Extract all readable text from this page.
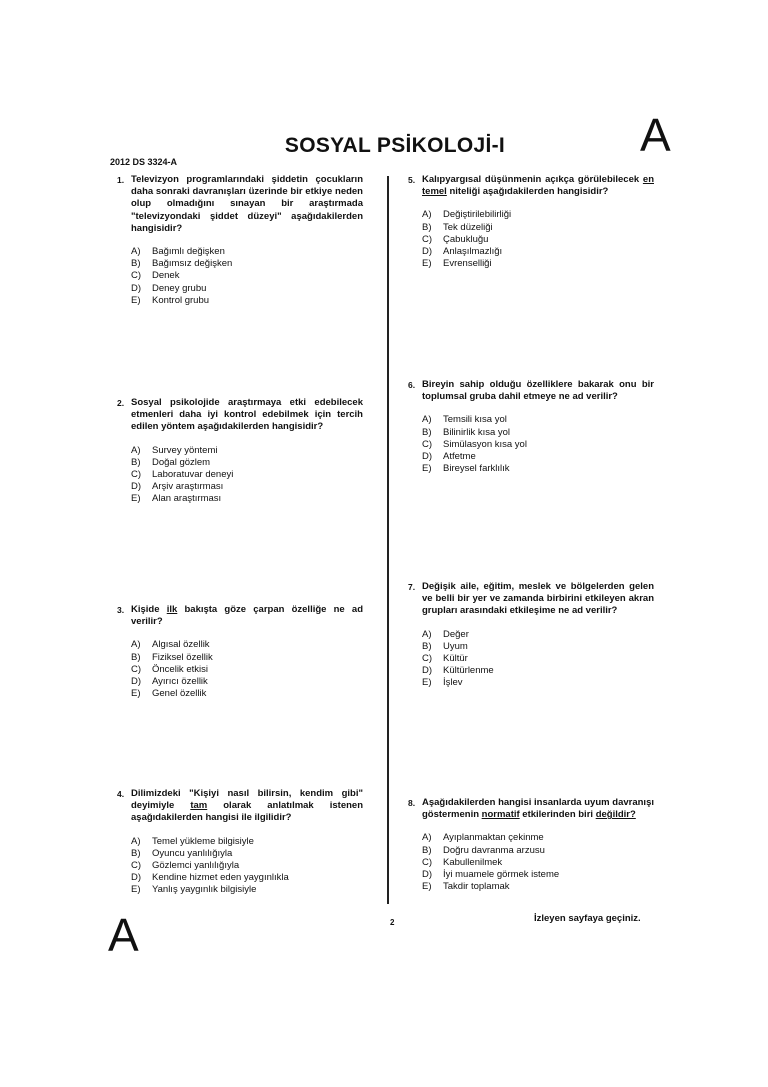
SOSYAL PSİKOLOJİ-I	A
2012 DS 3324-A
1. Televizyon programlarındaki şiddetin çocukların daha sonraki davranışları üzerinde bir etkiye neden olup olmadığını sınayan bir araştırmada "televizyondaki şiddet düzeyi" aşağıdakilerden hangisidir?

A)	Bağımlı değişken
B)	Bağımsız değişken
C)	Denek
D)	Deney grubu
E)	Kontrol grubu
2. Sosyal psikolojide araştırmaya etki edebilecek etmenleri daha iyi kontrol edebilmek için tercih edilen yöntem aşağıdakilerden hangisidir?

A)	Survey yöntemi
B)	Doğal gözlem
C)	Laboratuvar deneyi
D)	Arşiv araştırması
E)	Alan araştırması
3. Kişide ilk bakışta göze çarpan özelliğe ne ad verilir?

A)	Algısal özellik
B)	Fiziksel özellik
C)	Öncelik etkisi
D)	Ayırıcı özellik
E)	Genel özellik
4. Dilimizdeki "Kişiyi nasıl bilirsin, kendim gibi" deyimiyle tam olarak anlatılmak istenen aşağıdakilerden hangisi ile ilgilidir?

A)	Temel yükleme bilgisiyle
B)	Oyuncu yanlılığıyla
C)	Gözlemci yanlılığıyla
D)	Kendine hizmet eden yaygınlıkla
E)	Yanlış yaygınlık bilgisiyle
5. Kalıpyargısal düşünmenin açıkça görülebilecek en temel niteliği aşağıdakilerden hangisidir?

A)	Değiştirilebilirliği
B)	Tek düzeliği
C)	Çabukluğu
D)	Anlaşılmazlığı
E)	Evrenselliği
6. Bireyin sahip olduğu özelliklere bakarak onu bir toplumsal gruba dahil etmeye ne ad verilir?

A)	Temsili kısa yol
B)	Bilinirlik kısa yol
C)	Simülasyon kısa yol
D)	Atfetme
E)	Bireysel farklılık
7. Değişik aile, eğitim, meslek ve bölgelerden gelen ve belli bir yer ve zamanda birbirini etkileyen akran grupları arasındaki etkileşime ne ad verilir?

A)	Değer
B)	Uyum
C)	Kültür
D)	Kültürlenme
E)	İşlev
8. Aşağıdakilerden hangisi insanlarda uyum davranışı göstermenin normatif etkilerinden biri değildir?

A)	Ayıplanmaktan çekinme
B)	Doğru davranma arzusu
C)	Kabullenilmek
D)	İyi muamele görmek isteme
E)	Takdir toplamak
2	İzleyen sayfaya geçiniz.
A
